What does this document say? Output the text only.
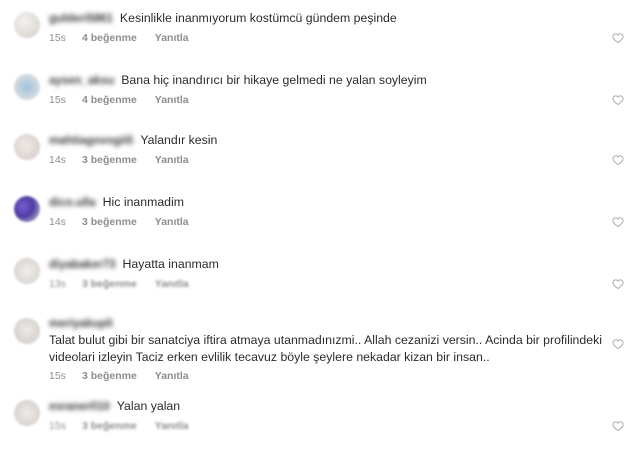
gulderi5861 Kesinlikle inanmıyorum kostümcü gündem peşinde
15s 4 beğenme Yanıtla
aysen_aksu Bana hiç inandırıcı bir hikaye gelmedi ne yalan soyleyim
15s 4 beğenme Yanıtla
mahtiagovogiili Yalandır kesin
14s 3 beğenme Yanıtla
dico.ulla Hic inanmadim
14s 3 beğenme Yanıtla
diyabaker73 Hayatta inanmam
13s 3 beğenme Yanıtla
meriyakupli
Talat bulut gibi bir sanatciya iftira atmaya utanmadınızmi.. Allah cezanizi versin.. Acinda bir profilindeki videolari izleyin Taciz erken evlilik tecavuz böyle şeylere nekadar kizan bir insan..
15s 3 beğenme Yanıtla
esraner010 Yalan yalan
15s 3 beğenme Yanıtla
